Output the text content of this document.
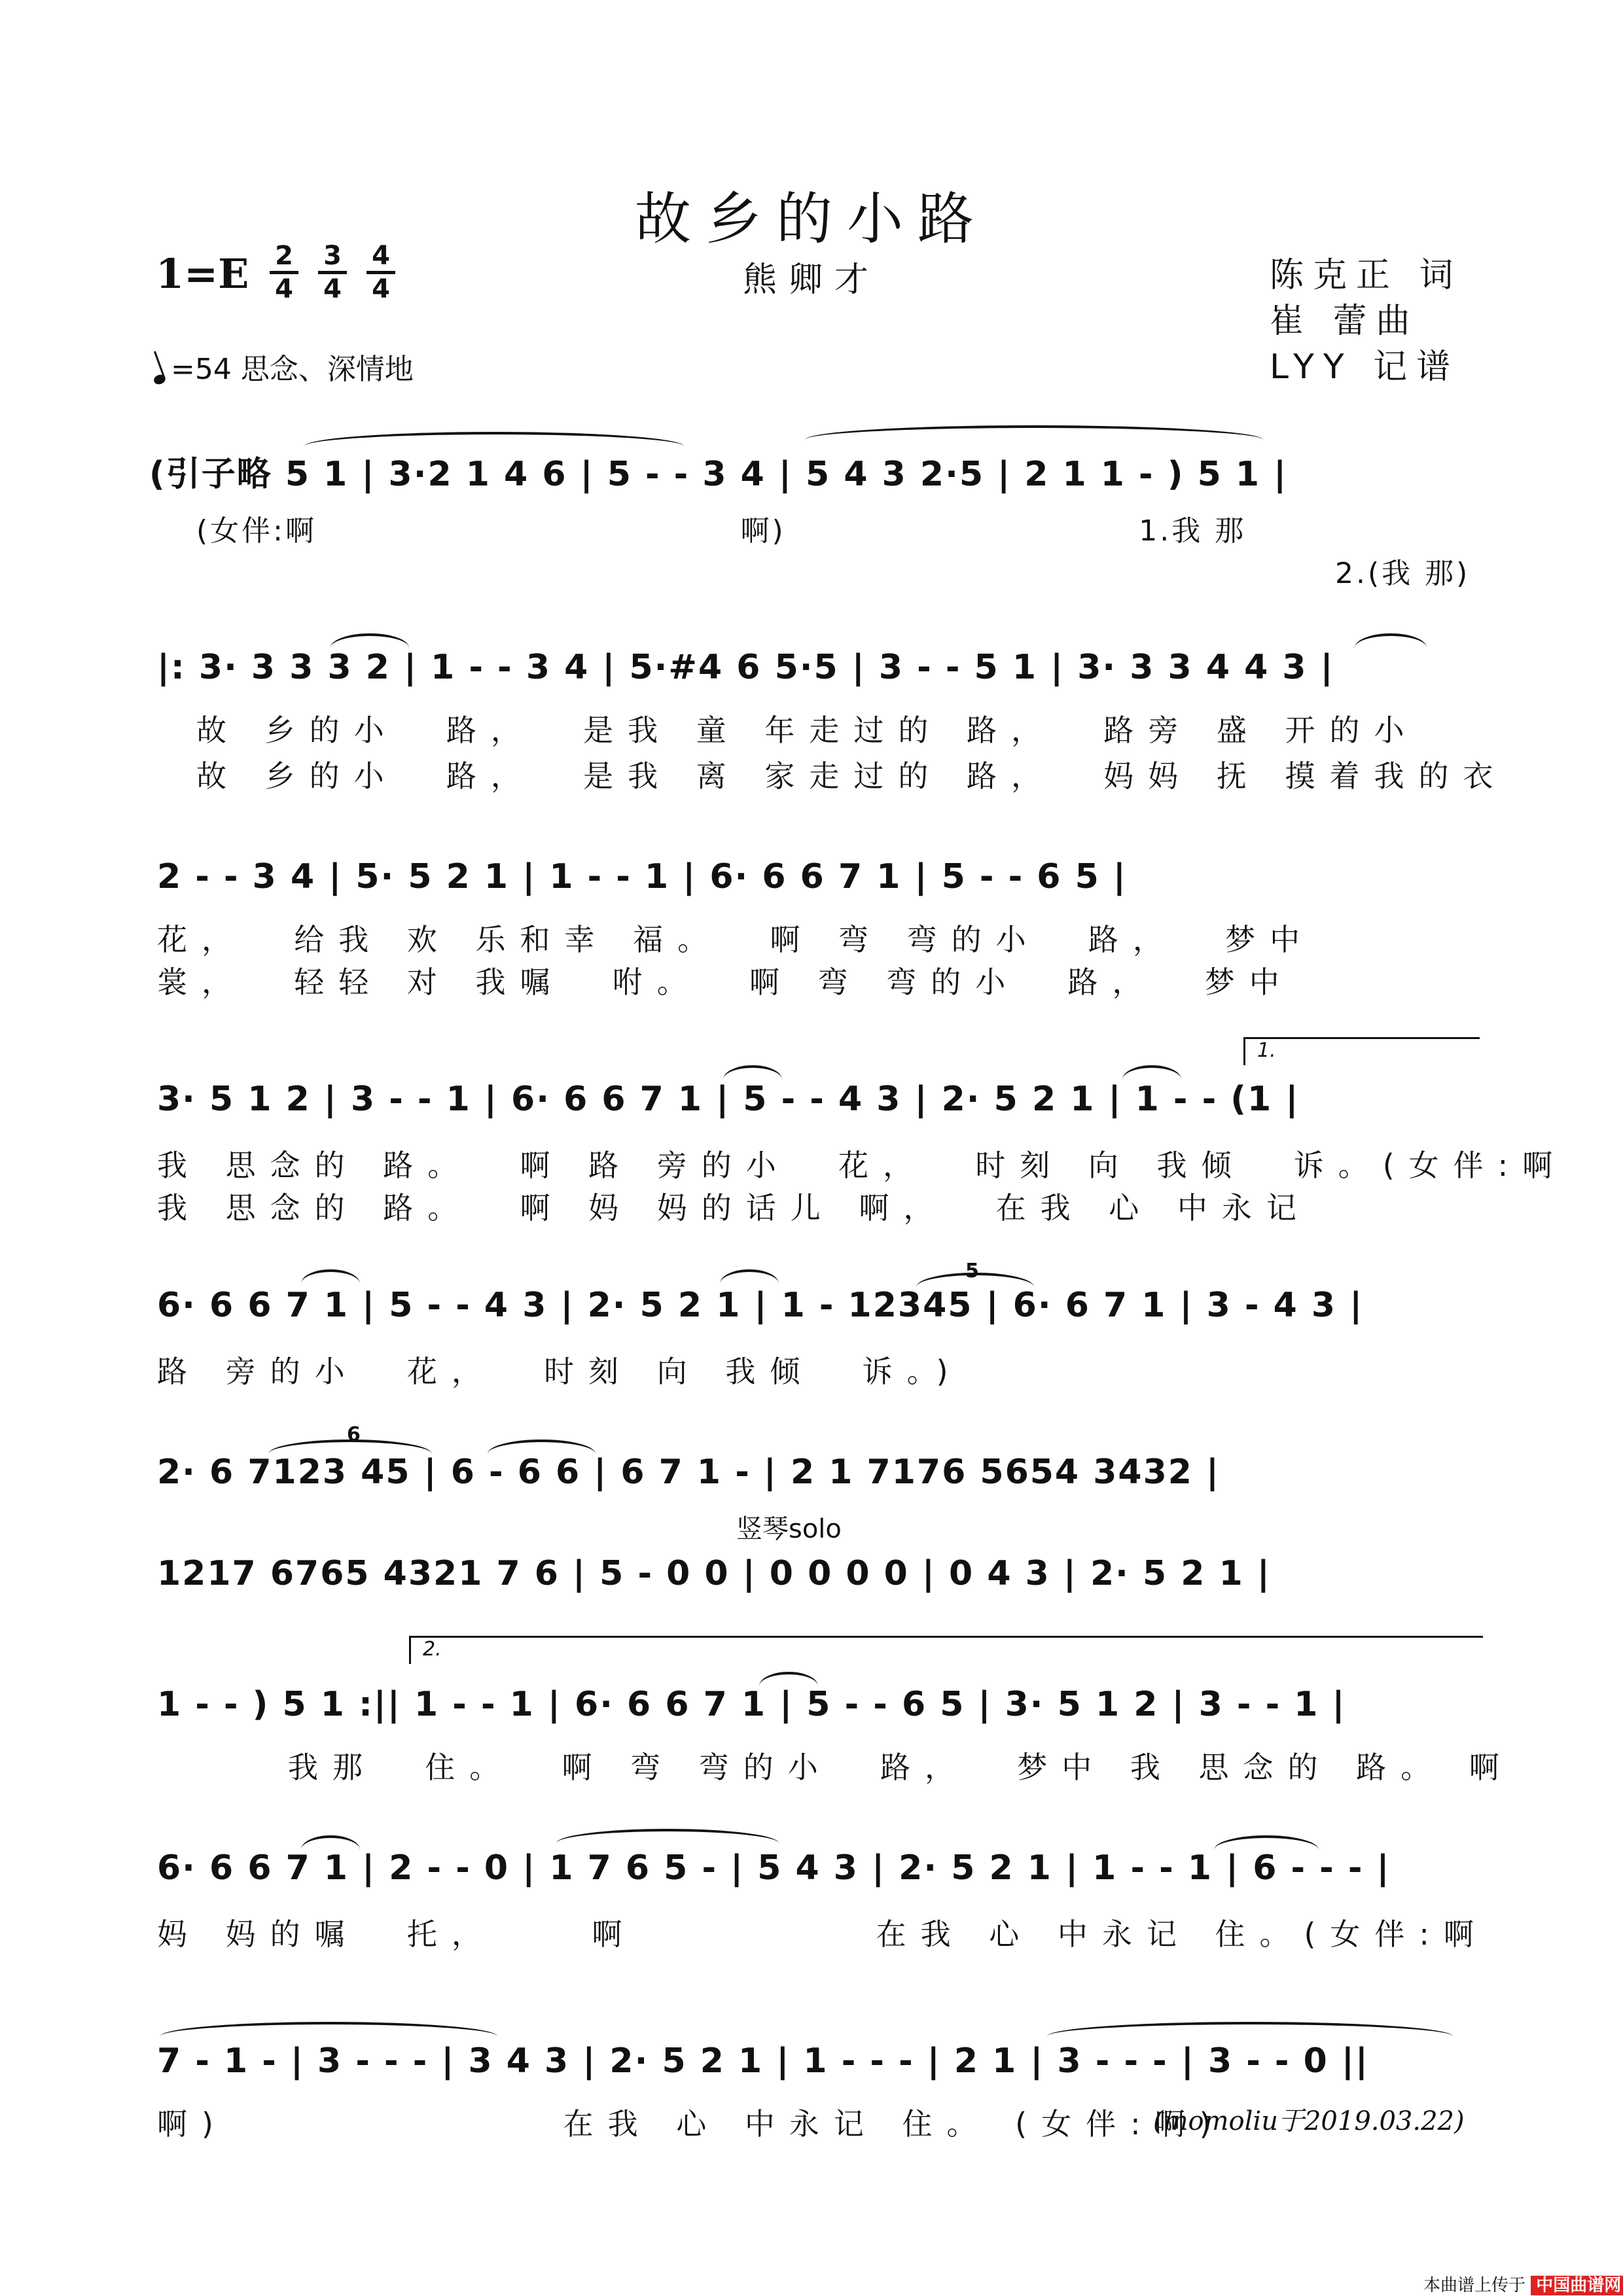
故乡的小路
1=E 2
4
3
4
4
4	熊卿才	陈克正 词
崔 蕾曲
LYY 记谱
=54 思念、深情地
(引子略 5 1 | 3·2 1 4 6 | 5 - - 3 4 | 5 4 3 2·5 | 2 1 1 - ) 5 1 |
(女伴:啊                                    啊)                              1.我 那
2.(我 那)
|: 3· 3 3 3 2 | 1 - - 3 4 | 5·#4 6 5·5 | 3 - - 5 1 | 3· 3 3 4 4 3 |
故 乡的小  路，  是我 童 年走过的 路，  路旁 盛 开的小
故 乡的小  路，  是我 离 家走过的 路，  妈妈 抚 摸着我的衣
2 - - 3 4 | 5· 5 2 1 | 1 - - 1 | 6· 6 6 7 1 | 5 - - 6 5 |
花，  给我 欢 乐和幸 福。  啊 弯 弯的小  路，  梦中
裳，  轻轻 对 我嘱  咐。  啊 弯 弯的小  路，  梦中
1.
3· 5 1 2 | 3 - - 1 | 6· 6 6 7 1 | 5 - - 4 3 | 2· 5 2 1 | 1 - - (1 |
我 思念的 路。  啊 路 旁的小  花，  时刻 向 我倾  诉。(女伴:啊
我 思念的 路。  啊 妈 妈的话儿 啊，  在我 心 中永记
5
6· 6 6 7 1 | 5 - - 4 3 | 2· 5 2 1 | 1 - 12345 | 6· 6 7 1 | 3 - 4 3 |
路 旁的小  花，  时刻 向 我倾  诉。)
6
2· 6 7123 45 | 6 - 6 6 | 6 7 1 - | 2 1 7176 5654 3432 |
竖琴solo
1217 6765 4321 7 6 | 5 - 0 0 | 0 0 0 0 | 0 4 3 | 2· 5 2 1 |
2.
1 - - ) 5 1 :|| 1 - - 1 | 6· 6 6 7 1 | 5 - - 6 5 | 3· 5 1 2 | 3 - - 1 |
我那  住。  啊 弯 弯的小  路，  梦中 我 思念的 路。 啊
6· 6 6 7 1 | 2 - - 0 | 1 7 6 5 - | 5 4 3 | 2· 5 2 1 | 1 - - 1 | 6 - - - |
妈 妈的嘱  托，    啊          在我 心 中永记 住。(女伴:啊
7 - 1 - | 3 - - - | 3 4 3 | 2· 5 2 1 | 1 - - - | 2 1 | 3 - - - | 3 - - 0 ||
啊)              在我 心 中永记 住。 (女伴:啊)
(momoliu于2019.03.22)
本曲谱上传于 中国曲谱网
